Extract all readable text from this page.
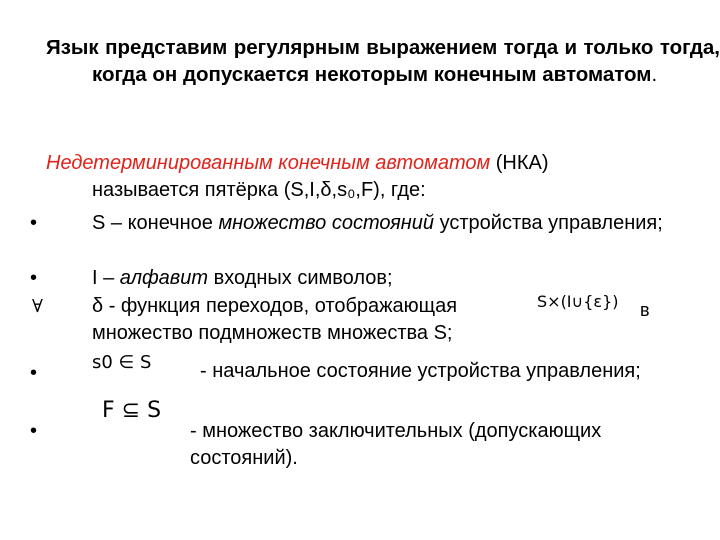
Язык представим регулярным выражением тогда и только тогда, когда он допускается некоторым конечным автоматом.
Недетерминированным конечным автоматом (НКА)
называется пятёрка (S,I,δ,s₀,F), где:
•	S – конечное множество состояний устройства управления;
•	I – алфавит входных символов;
∀ δ - функция переходов, отображающая	S×(I∪{ε}) в
множество подмножеств множества S;
•	s0 ∈ S	- начальное состояние устройства управления;
•
F ⊆ S
- множество заключительных (допускающих состояний).
